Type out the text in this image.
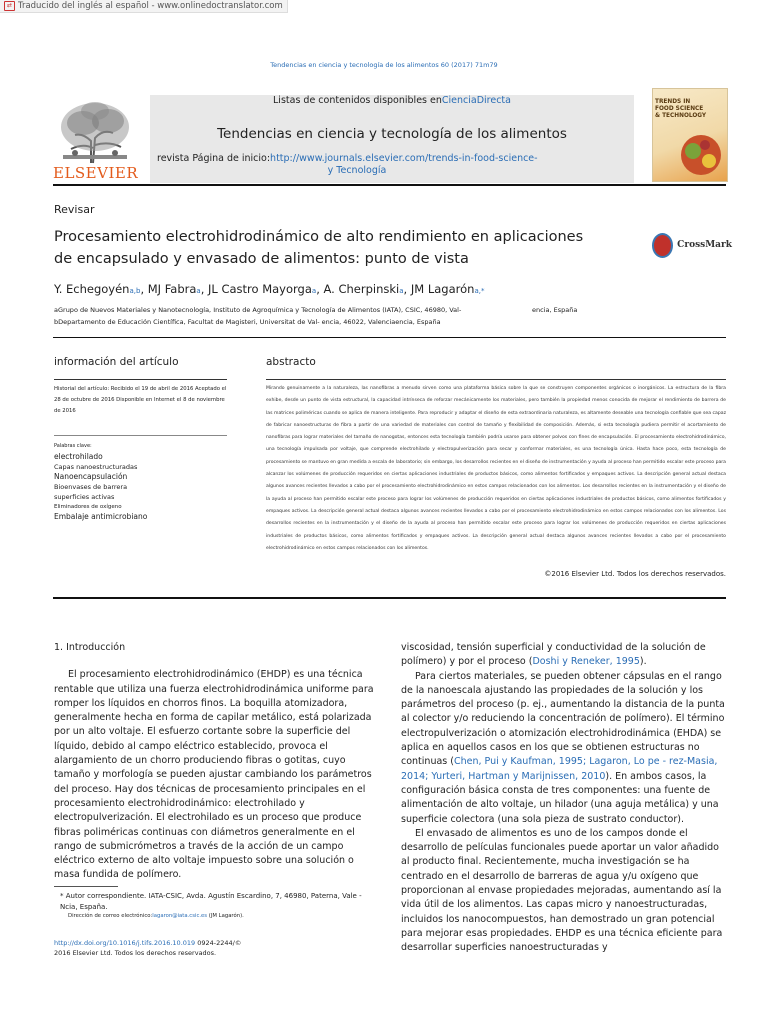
⇄ Traducido del inglés al español - www.onlinedoctranslator.com
Tendencias en ciencia y tecnología de los alimentos 60 (2017) 71m79
ELSEVIER
Listas de contenidos disponibles enCienciaDirecta
Tendencias en ciencia y tecnología de los alimentos
revista Página de inicio:http://www.journals.elsevier.com/trends-in-food-science-
y Tecnología
TRENDS IN
FOOD SCIENCE
& TECHNOLOGY
Revisar
Procesamiento electrohidrodinámico de alto rendimiento en aplicaciones de encapsulado y envasado de alimentos: punto de vista
CrossMark
Y. Echegoyéna,b, MJ Fabraa, JL Castro Mayorgaa, A. Cherpinskia, JM Lagaróna,*
aGrupo de Nuevos Materiales y Nanotecnología, Instituto de Agroquímica y Tecnología de Alimentos (IATA), CSIC, 46980, Val-	encia, España
bDepartamento de Educación Científica, Facultat de Magisteri, Universitat de Val- encia, 46022, Valenciaencia, España
información del artículo	abstracto
Historial del artículo: Recibido el 19 de abril de 2016 Aceptado el 28 de octubre de 2016 Disponible en Internet el 8 de noviembre de 2016
Palabras clave:
electrohilado
Capas nanoestructuradas
Nanoencapsulación
Bioenvases de barrera
superficies activas
Eliminadores de oxígeno
Embalaje antimicrobiano
Mirando genuinamente a la naturaleza, las nanofibras a menudo sirven como una plataforma básica sobre la que se construyen componentes orgánicos o inorgánicos. La estructura de la fibra exhibe, desde un punto de vista estructural, la capacidad intrínseca de reforzar mecánicamente los materiales, pero también la propiedad menos conocida de mejorar el rendimiento de barrera de las matrices poliméricas cuando se aplica de manera inteligente. Para reproducir y adaptar el diseño de esta extraordinaria naturaleza, es altamente deseable una tecnología confiable que sea capaz de fabricar nanoestructuras de fibra a partir de una variedad de materiales con control de tamaño y flexibilidad de composición. Además, si esta tecnología pudiera permitir el acortamiento de nanofibras para lograr materiales del tamaño de nanogotas, entonces esta tecnología también podría usarse para obtener polvos con fines de encapsulación. El procesamiento electrohidrodinámico, una tecnología impulsada por voltaje, que comprende electrohilado y electropulverización para secar y conformar materiales, es una tecnología única. Hasta hace poco, esta tecnología de procesamiento se mantuvo en gran medida a escala de laboratorio; sin embargo, los desarrollos recientes en el diseño de instrumentación y ayuda al proceso han permitido escalar este proceso para alcanzar los volúmenes de producción requeridos en ciertas aplicaciones industriales de productos básicos, como alimentos fortificados y empaques activos. La descripción general actual destaca algunos avances recientes llevados a cabo por el procesamiento electrohidrodinámico en estos campos relacionados con los alimentos. Los desarrollos recientes en la instrumentación y el diseño de la ayuda al proceso han permitido escalar este proceso para lograr los volúmenes de producción requeridos en ciertas aplicaciones industriales de productos básicos, como alimentos fortificados y empaques activos. La descripción general actual destaca algunos avances recientes llevados a cabo por el procesamiento electrohidrodinámico en estos campos relacionados con los alimentos. Los desarrollos recientes en la instrumentación y el diseño de la ayuda al proceso han permitido escalar este proceso para lograr los volúmenes de producción requeridos en ciertas aplicaciones industriales de productos básicos, como alimentos fortificados y empaques activos. La descripción general actual destaca algunos avances recientes llevados a cabo por el procesamiento electrohidrodinámico en estos campos relacionados con los alimentos.
©2016 Elsevier Ltd. Todos los derechos reservados.

1. Introducción

El procesamiento electrohidrodinámico (EHDP) es una técnica rentable que utiliza una fuerza electrohidrodinámica uniforme para romper los líquidos en chorros finos. La boquilla atomizadora, generalmente hecha en forma de capilar metálico, está polarizada por un alto voltaje. El esfuerzo cortante sobre la superficie del líquido, debido al campo eléctrico establecido, provoca el alargamiento de un chorro produciendo fibras o gotitas, cuyo tamaño y morfología se pueden ajustar cambiando los parámetros del proceso. Hay dos técnicas de procesamiento principales en el procesamiento electrohidrodinámico: electrohilado y electropulverización. El electrohilado es un proceso que produce fibras poliméricas continuas con diámetros generalmente en el rango de submicrómetros a través de la acción de un campo eléctrico externo de alto voltaje impuesto sobre una solución o masa fundida de polímero.

* Autor correspondiente. IATA-CSIC, Avda. Agustín Escardino, 7, 46980, Paterna, Vale - Ncia, España.
Dirección de correo electrónico:lagaron@iata.csic.es (JM Lagarón).
http://dx.doi.org/10.1016/j.tifs.2016.10.019 0924-2244/©
2016 Elsevier Ltd. Todos los derechos reservados.

viscosidad, tensión superficial y conductividad de la solución de polímero) y por el proceso (Doshi y Reneker, 1995).

Para ciertos materiales, se pueden obtener cápsulas en el rango de la nanoescala ajustando las propiedades de la solución y los parámetros del proceso (p. ej., aumentando la distancia de la punta al colector y/o reduciendo la concentración de polímero). El término electropulverización o atomización electrohidrodinámica (EHDA) se aplica en aquellos casos en los que se obtienen estructuras no continuas (Chen, Pui y Kaufman, 1995; Lagaron, Lo pe - rez-Masia, 2014; Yurteri, Hartman y Marijnissen, 2010). En ambos casos, la configuración básica consta de tres componentes: una fuente de alimentación de alto voltaje, un hilador (una aguja metálica) y una superficie colectora (una sola pieza de sustrato conductor).

El envasado de alimentos es uno de los campos donde el desarrollo de películas funcionales puede aportar un valor añadido al producto final. Recientemente, mucha investigación se ha centrado en el desarrollo de barreras de agua y/u oxígeno que proporcionan al envase propiedades mejoradas, aumentando así la vida útil de los alimentos. Las capas micro y nanoestructuradas, incluidos los nanocompuestos, han demostrado un gran potencial para mejorar esas propiedades. EHDP es una técnica eficiente para desarrollar superficies nanoestructuradas y
